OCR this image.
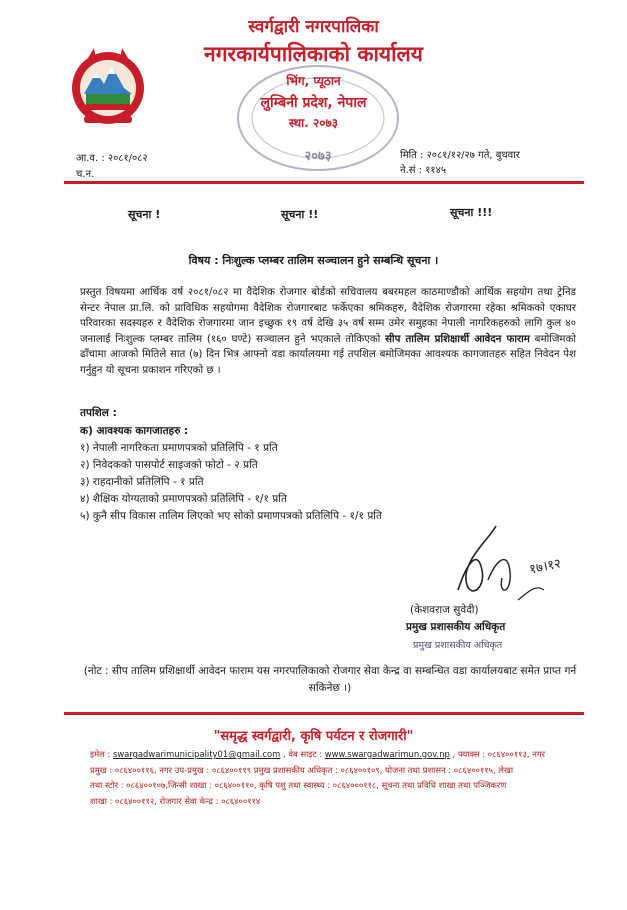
स्वर्गद्वारी नगरपालिका
नगरकार्यपालिकाको कार्यालय
भिंग, प्यूठान
लुम्बिनी प्रदेश, नेपाल
स्था. २०७३
२०७३
आ.व. : २०८१/०८२
च.न.
मिति : २०८१/१२/२७ गते, बुधवार
ने.सं : ११४५
सूचना !	सूचना !!	सूचना !!!
विषय : निःशुल्क प्लम्बर तालिम सञ्चालन हुने सम्बन्धि सूचना ।
प्रस्तुत विषयमा आर्थिक वर्ष २०८१/०८२ मा वैदेशिक रोजगार बोर्डको सचिवालय बबरमहल काठमाण्डौको आर्थिक सहयोग तथा ट्रेनिड सेन्टर नेपाल प्रा.लि. को प्राविधिक सहयोगमा वैदेशिक रोजगारबाट फर्केएका श्रमिकहरु, वैदेशिक रोजगारमा रहेका श्रमिकको एकाघर परिवारका सदस्यहरु र वैदेशिक रोजगारमा जान इच्छुक १९ वर्ष देखि ३५ वर्ष सम्म उमेर समुहका नेपाली नागरिकहरुको लागि कुल ४० जनालाई निःशुल्क प्लम्बर तालिम (१६० घण्टे) सञ्चालन हुने भएकाले तोकिएको सीप तालिम प्रशिक्षार्थी आवेदन फाराम बमोजिमको ढाँचामा आजको मितिले सात (७) दिन भित्र आफ्नो वडा कार्यालयमा गई तपशिल बमोजिमका आवश्यक कागजातहरु सहित निवेदन पेश गर्नुहुन यो सूचना प्रकाशन गरिएको छ ।
तपशिल :
क) आवश्यक कागजातहरु :
१) नेपाली नागरिकता प्रमाणपत्रको प्रतिलिपि - १ प्रति
२) निवेदकको पासपोर्ट साइजको फोटो - २ प्रति
३) राहदानीको प्रतिलिपि - १ प्रति
४) शैक्षिक योग्यताको प्रमाणपत्रको प्रतिलिपि - १/१ प्रति
५) कुनै सीप विकास तालिम लिएको भए सोको प्रमाणपत्रको प्रतिलिपि - १/१ प्रति
१७।१२
(केशवराज सुवेदी)
प्रमुख प्रशासकीय अधिकृत
प्रमुख प्रशासकीय अधिकृत
(नोट : सीप तालिम प्रशिक्षार्थी आवेदन फाराम यस नगरपालिकाको रोजगार सेवा केन्द्र वा सम्बन्धित वडा कार्यालयबाट समेत प्राप्त गर्न सकिनेछ ।)
"समृद्ध स्वर्गद्वारी, कृषि पर्यटन र रोजगारी"
इमेल : swargadwarimunicipality01@gmail.com , वेब साइट : www.swargadwarimun.gov.np , फ्याक्स : ०८६४००११३, नगर
प्रमुख : ०८६४००११६, नगर उप-प्रमुख : ०८६४००११९ प्रमुख प्रशासकीय अधिकृत : ०८६४००१०९, योजना तथा प्रशासन : ०८६४००११५, लेखा
तथा स्टोर : ०८६४००१०७,जिन्सी शाखा : ०८६४००११०, कृषि पशु तथा स्वास्थ्य : ०८६४०००११८, सूचना तथा प्रविधि शाखा तथा पञ्जिकरण
शाखा : ०८६४००११२, रोजगार सेवा केन्द्र : ०८६४००११४
